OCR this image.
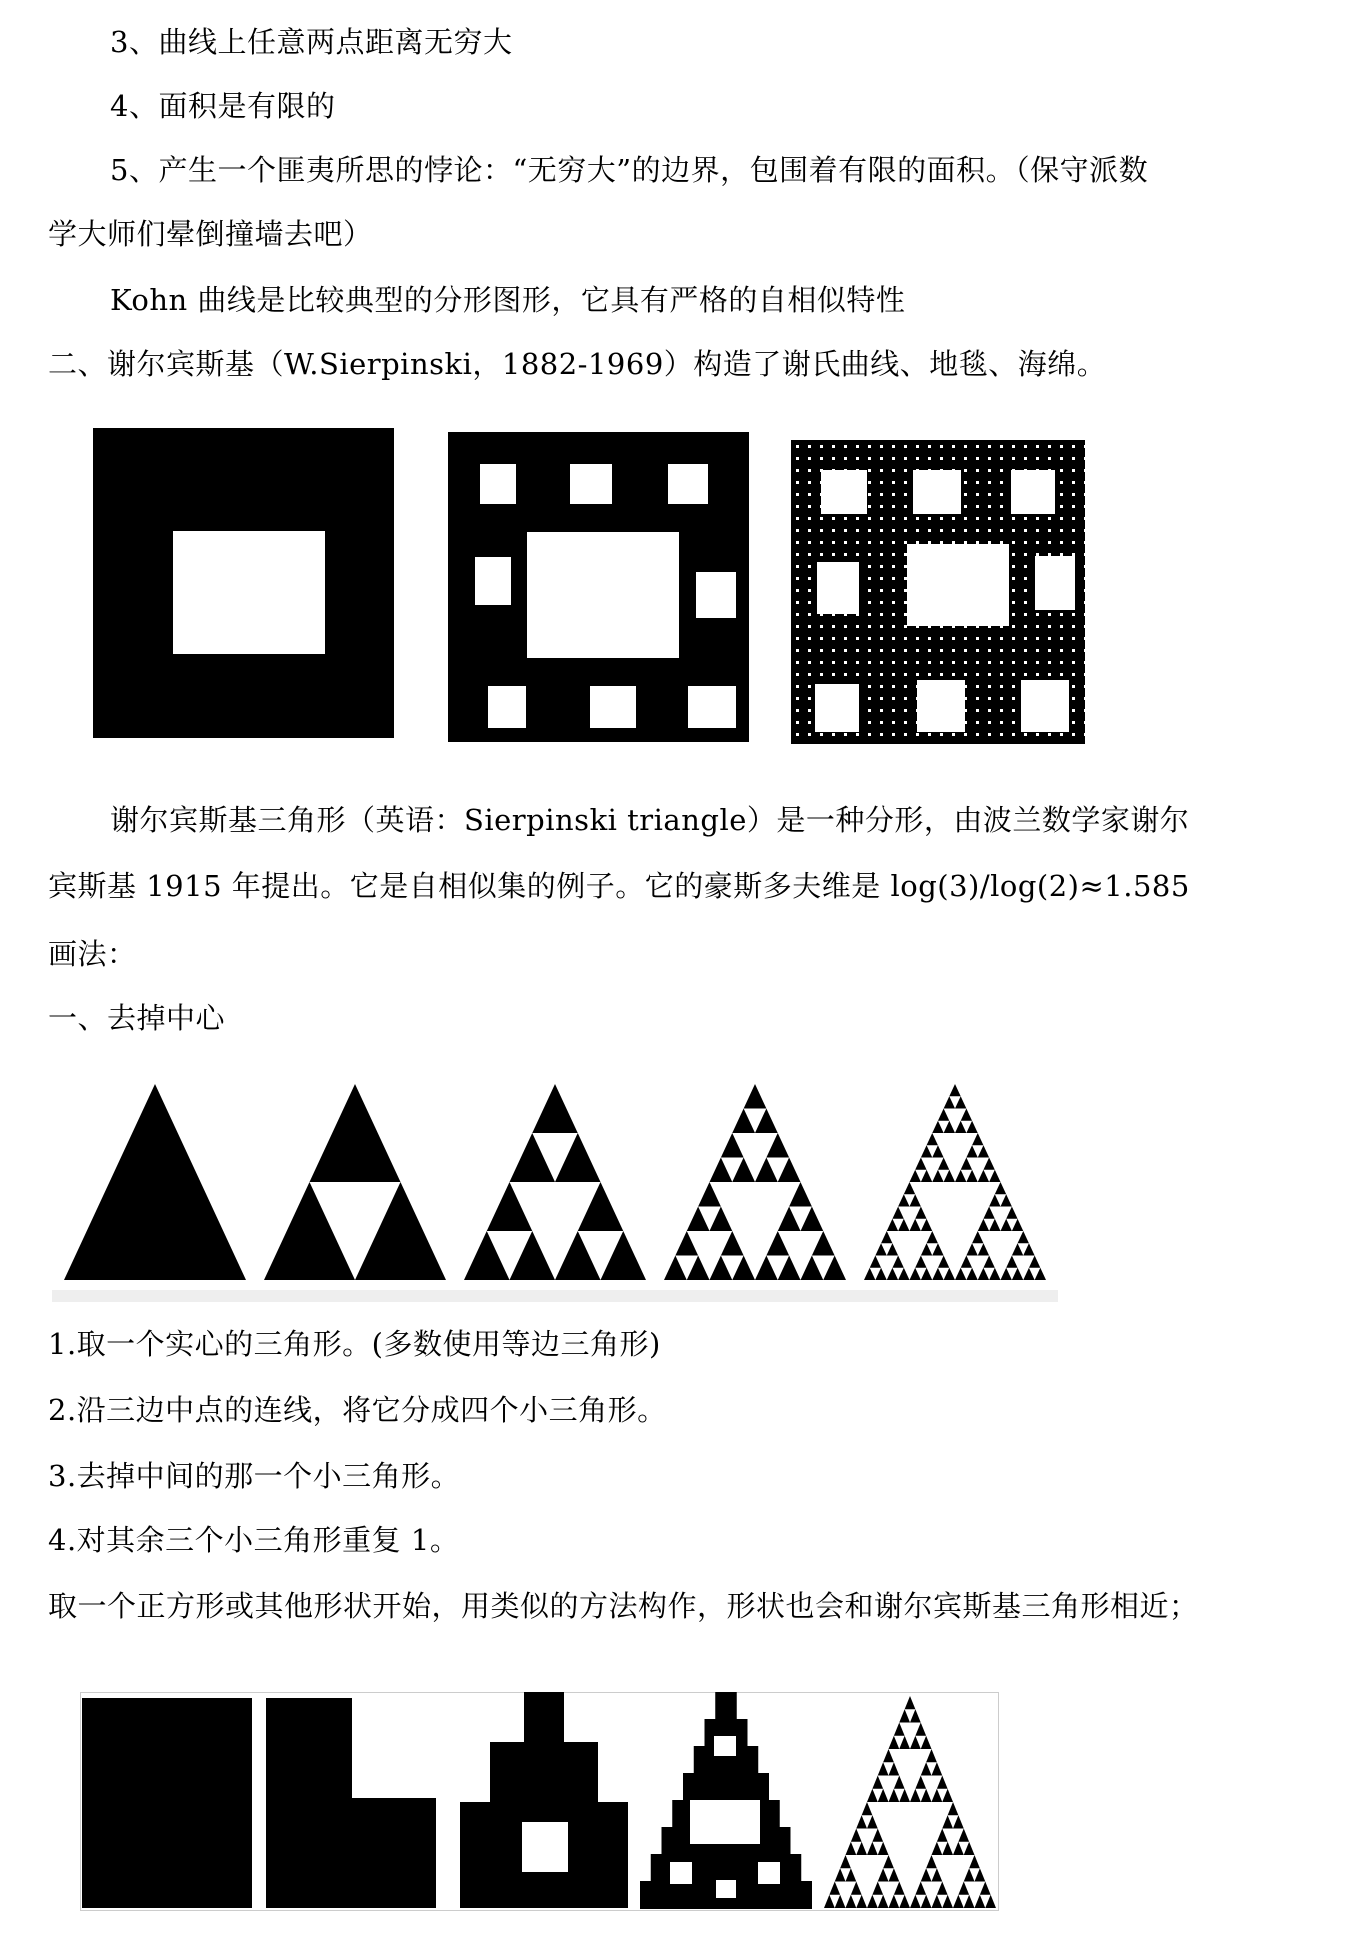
3、曲线上任意两点距离无穷大
4、面积是有限的
5、产生一个匪夷所思的悖论：“无穷大”的边界，包围着有限的面积。（保守派数
学大师们晕倒撞墙去吧）
Kohn 曲线是比较典型的分形图形，它具有严格的自相似特性
二、谢尔宾斯基（W.Sierpinski，1882-1969）构造了谢氏曲线、地毯、海绵。
谢尔宾斯基三角形（英语：Sierpinski triangle）是一种分形，由波兰数学家谢尔
宾斯基 1915 年提出。它是自相似集的例子。它的豪斯多夫维是 log(3)/log(2)≈1.585
画法：
一、去掉中心
1.取一个实心的三角形。(多数使用等边三角形)
2.沿三边中点的连线，将它分成四个小三角形。
3.去掉中间的那一个小三角形。
4.对其余三个小三角形重复 1。
取一个正方形或其他形状开始，用类似的方法构作，形状也会和谢尔宾斯基三角形相近；
